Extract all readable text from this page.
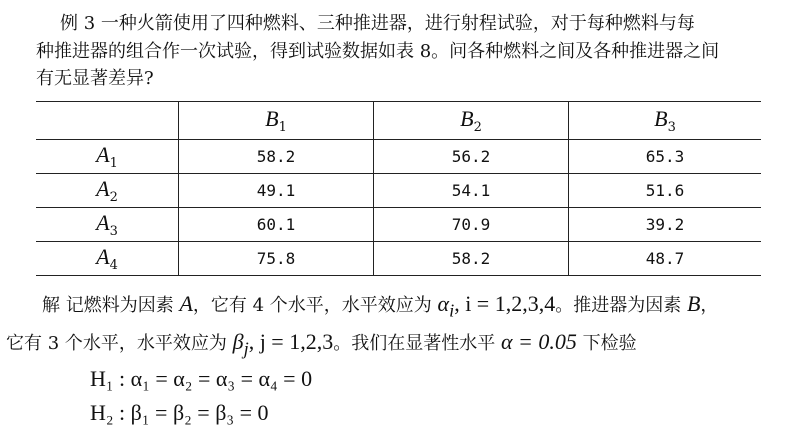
例 3 一种火箭使用了四种燃料、三种推进器，进行射程试验，对于每种燃料与每
种推进器的组合作一次试验，得到试验数据如表 8。问各种燃料之间及各种推进器之间
有无显著差异?
	$B_1$	$B_2$	$B_3$
$A_1$	58.2	56.2	65.3
$A_2$	49.1	54.1	51.6
$A_3$	60.1	70.9	39.2
$A_4$	75.8	58.2	48.7
解 记燃料为因素 A，它有 4 个水平，水平效应为 $\alpha_i$, i = 1,2,3,4。推进器为因素 B，
它有 3 个水平，水平效应为 $\beta_j$, j = 1,2,3。我们在显著性水平 α = 0.05 下检验
H₁ : α₁ = α₂ = α₃ = α₄ = 0
H₂ : β₁ = β₂ = β₃ = 0
